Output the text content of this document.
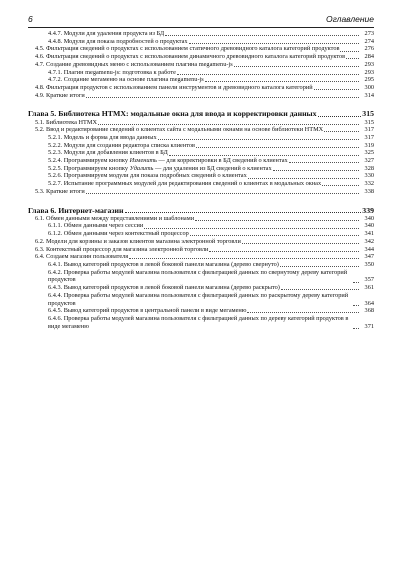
6	Оглавление
4.4.7. Модули для удаления продукта из БД	273
4.4.8. Модули для показа подробностей о продуктах	274
4.5. Фильтрация сведений о продуктах с использованием статичного древовидного каталога категорий продуктов	276
4.6. Фильтрация сведений о продуктах с использованием динамичного древовидного каталога категорий продуктов	284
4.7. Создание древовидных меню с использованием плагина megamenu-js	293
4.7.1. Плагин megamenu-js: подготовка к работе	293
4.7.2. Создание мегаменю на основе плагина megamenu-js	295
4.8. Фильтрация продуктов с использованием панели инструментов и древовидного каталога категорий	300
4.9. Краткие итоги	314
Глава 5. Библиотека HTMX: модальные окна для ввода и корректировки данных	315
5.1. Библиотека HTMX	315
5.2. Ввод и редактирование сведений о клиентах сайта с модальными окнами на основе библиотеки HTMX	317
5.2.1. Модель и форма для ввода данных	317
5.2.2. Модули для создания редактора списка клиентов	319
5.2.3. Модули для добавления клиентов в БД	325
5.2.4. Программируем кнопку Изменить — для корректировки в БД сведений о клиентах	327
5.2.5. Программируем кнопку Удалить — для удаления из БД сведений о клиентах	328
5.2.6. Программируем модули для показа подробных сведений о клиентах	330
5.2.7. Испытание программных модулей для редактирования сведений о клиентах в модальных окнах	332
5.3. Краткие итоги	338
Глава 6. Интернет-магазин	339
6.1. Обмен данными между представлениями и шаблонами	340
6.1.1. Обмен данными через сессии	340
6.1.2. Обмен данными через контекстный процессор	341
6.2. Модели для корзины и заказов клиентов магазина электронной торговли	342
6.3. Контекстный процессор для магазина электронной торговли	344
6.4. Создаем магазин пользователя	347
6.4.1. Вывод категорий продуктов в левой боковой панели магазина (дерево свернуто)	350
6.4.2. Проверка работы модулей магазина пользователя с фильтрацией данных по свернутому дереву категорий продуктов	357
6.4.3. Вывод категорий продуктов в левой боковой панели магазина (дерево раскрыто)	361
6.4.4. Проверка работы модулей магазина пользователя с фильтрацией данных по раскрытому дереву категорий продуктов	364
6.4.5. Вывод категорий продуктов в центральной панели в виде мегаменю	368
6.4.6. Проверка работы модулей магазина пользователя с фильтрацией данных по дереву категорий продуктов в виде мегаменю	371
